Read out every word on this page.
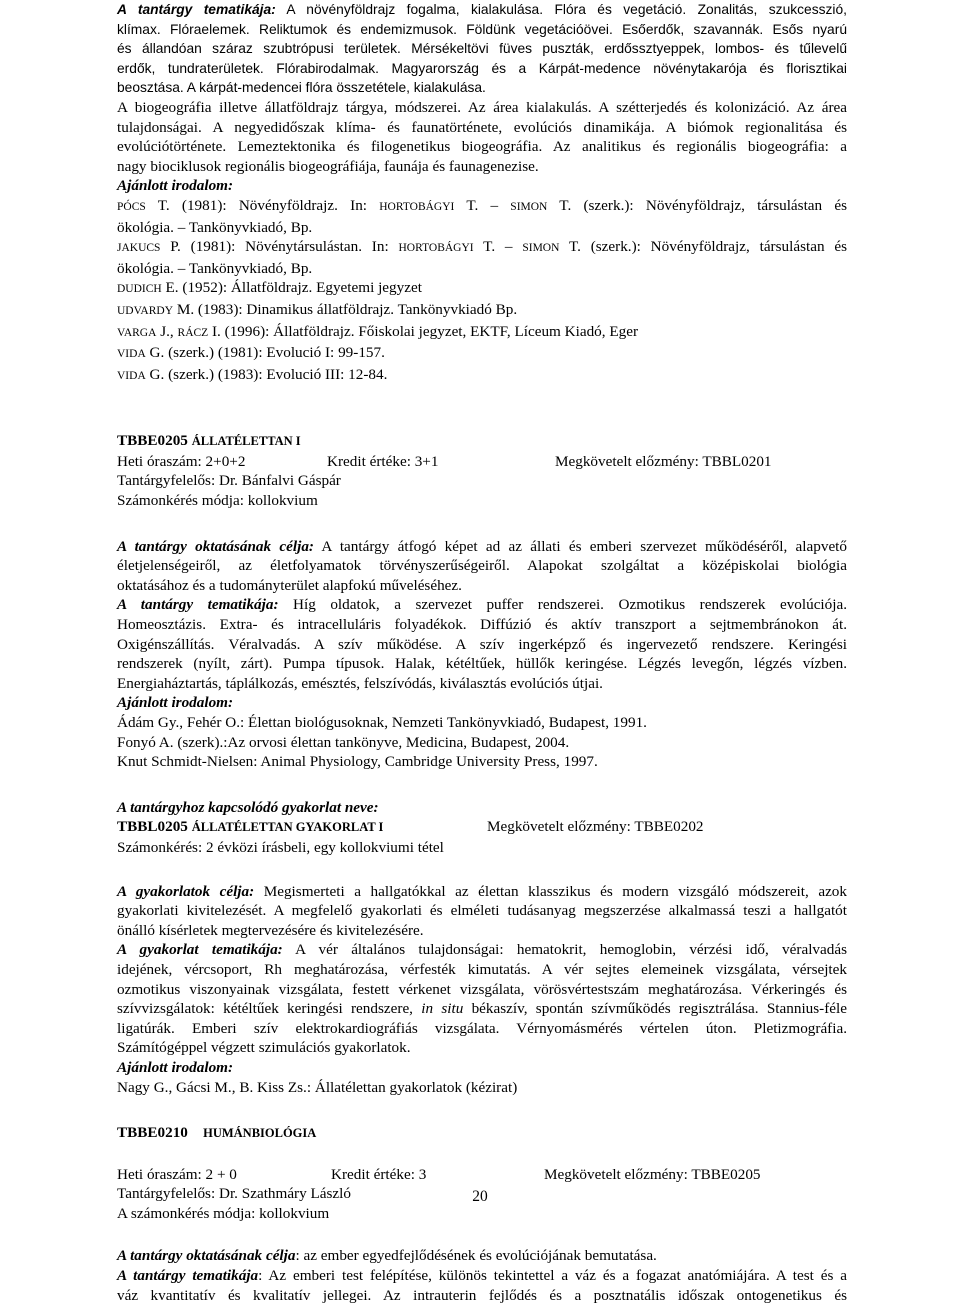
A tantárgy tematikája: A növényföldrajz fogalma, kialakulása. Flóra és vegetáció. Zonalitás, szukcesszió,
klímax. Flóraelemek. Reliktumok és endemizmusok. Földünk vegetációövei. Esőerdők, szavannák. Esős nyarú
és állandóan száraz szubtrópusi területek. Mérsékeltövi füves puszták, erdőssztyeppek, lombos- és tűlevelű
erdők, tundraterületek. Flórabirodalmak. Magyarország és a Kárpát-medence növénytakarója és florisztikai
beosztása. A kárpát-medencei flóra összetétele, kialakulása.
A biogeográfia illetve állatföldrajz tárgya, módszerei. Az área kialakulás. A szétterjedés és kolonizáció. Az área
tulajdonságai. A negyedidőszak klíma- és faunatörténete, evolúciós dinamikája. A biómok regionalitása és
evolúciótörténete. Lemeztektonika és filogenetikus biogeográfia. Az analitikus és regionális biogeográfia: a
nagy biociklusok regionális biogeográfiája, faunája és faunagenezise.
Ajánlott irodalom:
PÓCS T. (1981): Növényföldrajz. In: HORTOBÁGYI T. – SIMON T. (szerk.): Növényföldrajz, társulástan és
ökológia. – Tankönyvkiadó, Bp.
JAKUCS P. (1981): Növénytársulástan. In: HORTOBÁGYI T. – SIMON T. (szerk.): Növényföldrajz, társulástan és
ökológia. – Tankönyvkiadó, Bp.
DUDICH E. (1952): Állatföldrajz. Egyetemi jegyzet
UDVARDY M. (1983): Dinamikus állatföldrajz. Tankönyvkiadó Bp.
VARGA J., RÁCZ I. (1996): Állatföldrajz. Főiskolai jegyzet, EKTF, Líceum Kiadó, Eger
VIDA G. (szerk.) (1981): Evolució I: 99-157.
VIDA G. (szerk.) (1983): Evolució III: 12-84.
TBBE0205 ÁLLATÉLETTAN I
Heti óraszám: 2+0+2	Kredit értéke: 3+1	Megkövetelt előzmény: TBBL0201
Tantárgyfelelős: Dr. Bánfalvi Gáspár
Számonkérés módja: kollokvium
A tantárgy oktatásának célja: A tantárgy átfogó képet ad az állati és emberi szervezet működéséről, alapvető
életjelenségeiről, az életfolyamatok törvényszerűségeiről. Alapokat szolgáltat a középiskolai biológia
oktatásához és a tudományterület alapfokú műveléséhez.
A tantárgy tematikája: Híg oldatok, a szervezet puffer rendszerei. Ozmotikus rendszerek evolúciója.
Homeosztázis. Extra- és intracelluláris folyadékok. Diffúzió és aktív transzport a sejtmembránokon át.
Oxigénszállítás. Véralvadás. A szív működése. A szív ingerképző és ingervezető rendszere. Keringési
rendszerek (nyílt, zárt). Pumpa típusok. Halak, kétéltűek, hüllők keringése. Légzés levegőn, légzés vízben.
Energiaháztartás, táplálkozás, emésztés, felszívódás, kiválasztás evolúciós útjai.
Ajánlott irodalom:
Ádám Gy., Fehér O.: Élettan biológusoknak, Nemzeti Tankönyvkiadó, Budapest, 1991.
Fonyó A. (szerk).:Az orvosi élettan tankönyve, Medicina, Budapest, 2004.
Knut Schmidt-Nielsen: Animal Physiology, Cambridge University Press, 1997.
A tantárgyhoz kapcsolódó gyakorlat neve:
TBBL0205 ÁLLATÉLETTAN GYAKORLAT I	Megkövetelt előzmény: TBBE0202
Számonkérés: 2 évközi írásbeli, egy kollokviumi tétel
A gyakorlatok célja: Megismerteti a hallgatókkal az élettan klasszikus és modern vizsgáló módszereit, azok
gyakorlati kivitelezését. A megfelelő gyakorlati és elméleti tudásanyag megszerzése alkalmassá teszi a hallgatót
önálló kísérletek megtervezésére és kivitelezésére.
A gyakorlat tematikája: A vér általános tulajdonságai: hematokrit, hemoglobin, vérzési idő, véralvadás
idejének, vércsoport, Rh meghatározása, vérfesték kimutatás. A vér sejtes elemeinek vizsgálata, vérsejtek
ozmotikus viszonyainak vizsgálata, festett vérkenet vizsgálata, vörösvértestszám meghatározása. Vérkeringés és
szívvizsgálatok: kétéltűek keringési rendszere, in situ békaszív, spontán szívműködés regisztrálása. Stannius-féle
ligatúrák. Emberi szív elektrokardiográfiás vizsgálata. Vérnyomásmérés vértelen úton. Pletizmográfia.
Számítógéppel végzett szimulációs gyakorlatok.
Ajánlott irodalom:
Nagy G., Gácsi M., B. Kiss Zs.: Állatélettan gyakorlatok (kézirat)
TBBE0210 HUMÁNBIOLÓGIA
Heti óraszám: 2 + 0	Kredit értéke: 3	Megkövetelt előzmény: TBBE0205
Tantárgyfelelős: Dr. Szathmáry László
A számonkérés módja: kollokvium
A tantárgy oktatásának célja: az ember egyedfejlődésének és evolúciójának bemutatása.
A tantárgy tematikája: Az emberi test felépítése, különös tekintettel a váz és a fogazat anatómiájára. A test és a
váz kvantitatív és kvalitatív jellegei. Az intrauterin fejlődés és a posztnatális időszak ontogenetikus és
20
